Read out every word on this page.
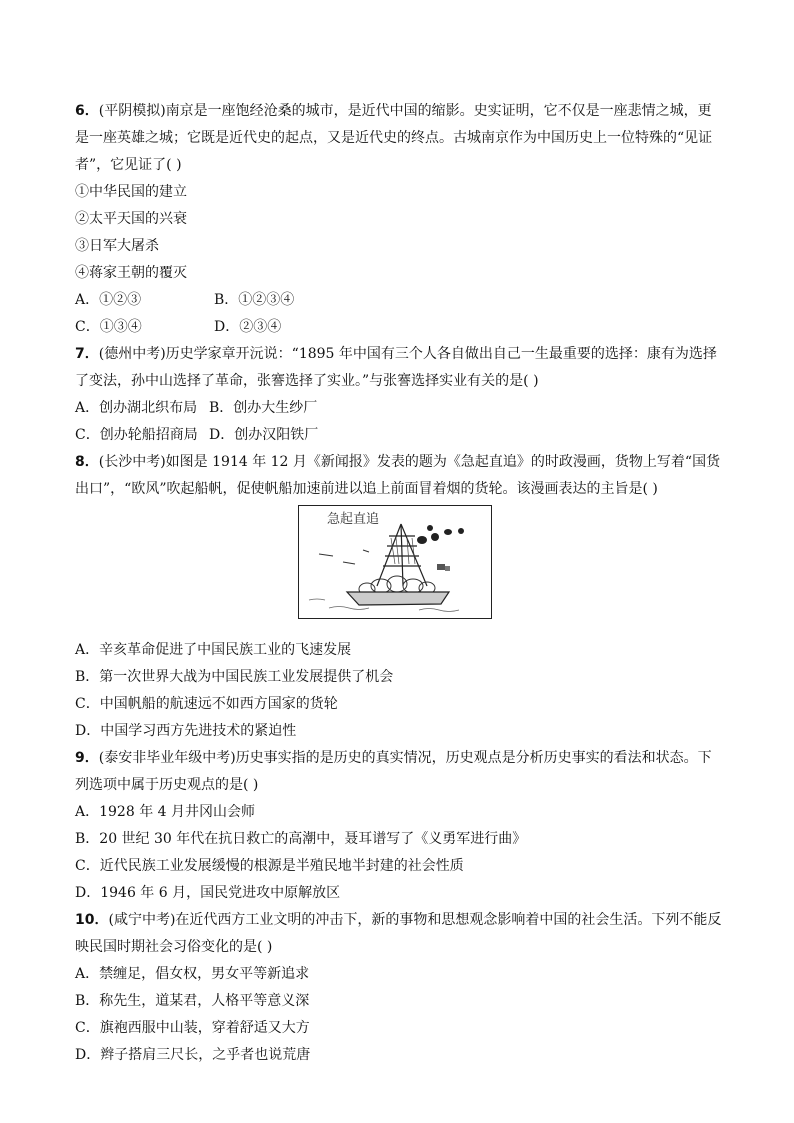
6．(平阴模拟)南京是一座饱经沧桑的城市，是近代中国的缩影。史实证明，它不仅是一座悲情之城，更
是一座英雄之城；它既是近代史的起点，又是近代史的终点。古城南京作为中国历史上一位特殊的“见证
者”，它见证了( )
①中华民国的建立
②太平天国的兴衰
③日军大屠杀
④蒋家王朝的覆灭
A．①②③	B．①②③④
C．①③④	D．②③④
7．(德州中考)历史学家章开沅说：“1895 年中国有三个人各自做出自己一生最重要的选择：康有为选择
了变法，孙中山选择了革命，张謇选择了实业。”与张謇选择实业有关的是( )
A．创办湖北织布局 B．创办大生纱厂
C．创办轮船招商局 D．创办汉阳铁厂
8．(长沙中考)如图是 1914 年 12 月《新闻报》发表的题为《急起直追》的时政漫画，货物上写着“国货
出口”，“欧风”吹起船帆，促使帆船加速前进以追上前面冒着烟的货轮。该漫画表达的主旨是( )
急起直追
A．辛亥革命促进了中国民族工业的飞速发展
B．第一次世界大战为中国民族工业发展提供了机会
C．中国帆船的航速远不如西方国家的货轮
D．中国学习西方先进技术的紧迫性
9．(泰安非毕业年级中考)历史事实指的是历史的真实情况，历史观点是分析历史事实的看法和状态。下
列选项中属于历史观点的是( )
A．1928 年 4 月井冈山会师
B．20 世纪 30 年代在抗日救亡的高潮中，聂耳谱写了《义勇军进行曲》
C．近代民族工业发展缓慢的根源是半殖民地半封建的社会性质
D．1946 年 6 月，国民党进攻中原解放区
10．(咸宁中考)在近代西方工业文明的冲击下，新的事物和思想观念影响着中国的社会生活。下列不能反
映民国时期社会习俗变化的是( )
A．禁缠足，倡女权，男女平等新追求
B．称先生，道某君，人格平等意义深
C．旗袍西服中山装，穿着舒适又大方
D．辫子搭肩三尺长，之乎者也说荒唐
